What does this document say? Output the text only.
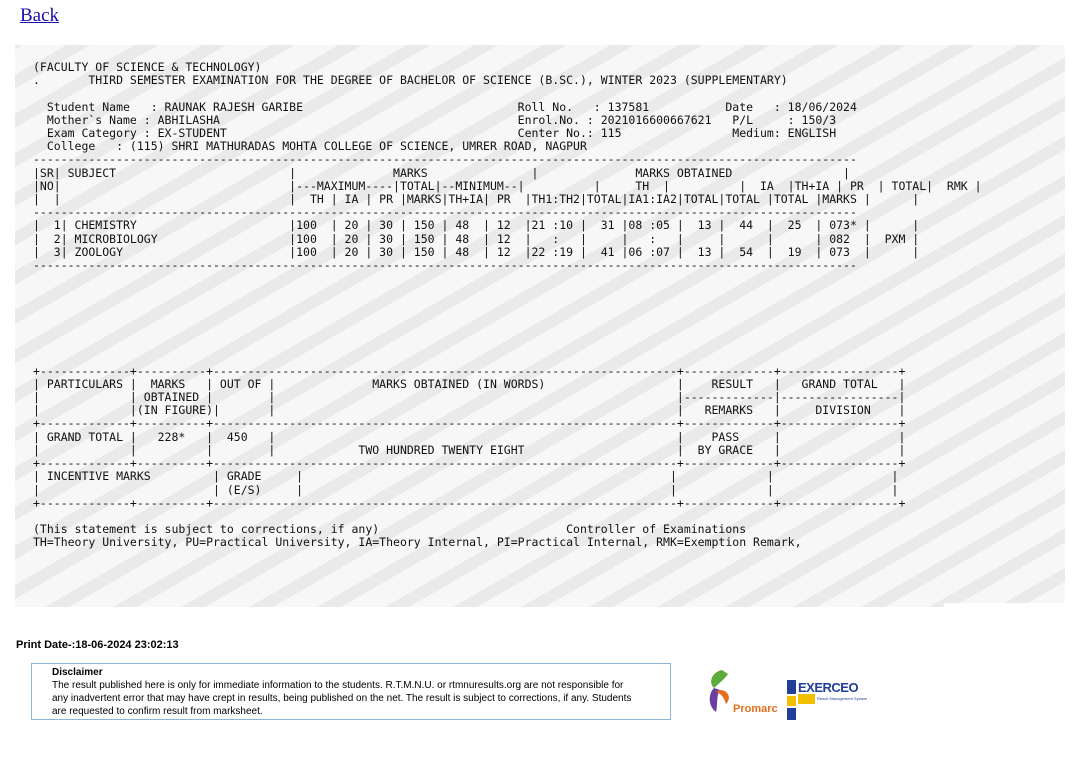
Back
(FACULTY OF SCIENCE & TECHNOLOGY)
.       THIRD SEMESTER EXAMINATION FOR THE DEGREE OF BACHELOR OF SCIENCE (B.SC.), WINTER 2023 (SUPPLEMENTARY)

Student Name   : RAUNAK RAJESH GARIBE                               Roll No.   : 137581           Date   : 18/06/2024
Mother`s Name : ABHILASHA                                           Enrol.No. : 2021016600667621   P/L     : 150/3
Exam Category : EX-STUDENT                                          Center No.: 115                Medium: ENGLISH
College   : (115) SHRI MATHURADAS MOHTA COLLEGE OF SCIENCE, UMRER ROAD, NAGPUR
-----------------------------------------------------------------------------------------------------------------------
|SR| SUBJECT                         |              MARKS               |              MARKS OBTAINED                |
|NO|                                 |---MAXIMUM----|TOTAL|--MINIMUM--|          |     TH  |          |  IA  |TH+IA | PR  | TOTAL|  RMK |
|  |                                 |  TH | IA | PR |MARKS|TH+IA| PR  |TH1:TH2|TOTAL|IA1:IA2|TOTAL|TOTAL |TOTAL |MARKS |      |
-----------------------------------------------------------------------------------------------------------------------
|  1| CHEMISTRY                      |100  | 20 | 30 | 150 | 48  | 12  |21 :10 |  31 |08 :05 |  13 |  44  |  25  | 073* |      |
|  2| MICROBIOLOGY                   |100  | 20 | 30 | 150 | 48  | 12  |   :   |     |   :   |     |      |      | 082  |  PXM |
|  3| ZOOLOGY                        |100  | 20 | 30 | 150 | 48  | 12  |22 :19 |  41 |06 :07 |  13 |  54  |  19  | 073  |      |
-----------------------------------------------------------------------------------------------------------------------

+-------------+----------+-------------------------------------------------------------------+-------------+-----------------+
| PARTICULARS |  MARKS   | OUT OF |              MARKS OBTAINED (IN WORDS)                   |    RESULT   |   GRAND TOTAL   |
|             | OBTAINED |        |                                                          |-------------|-----------------|
|             |(IN FIGURE)|       |                                                          |   REMARKS   |     DIVISION    |
+-------------+----------+-------------------------------------------------------------------+-------------+-----------------+
| GRAND TOTAL |   228*   |  450   |                                                          |    PASS     |                 |
|             |          |        |            TWO HUNDRED TWENTY EIGHT                      |  BY GRACE   |                 |
+-------------+----------+-------------------------------------------------------------------+-------------+-----------------+
| INCENTIVE MARKS         | GRADE     |                                                     |             |                 |
|                         | (E/S)     |                                                     |             |                 |
+-------------+----------+-------------------------------------------------------------------+-------------+-----------------+

(This statement is subject to corrections, if any)                           Controller of Examinations
TH=Theory University, PU=Practical University, IA=Theory Internal, PI=Practical Internal, RMK=Exemption Remark,

Print Date-:18-06-2024 23:02:13
Disclaimer
The result published here is only for immediate information to the students. R.T.M.N.U. or rtmnuresults.org are not responsible for any inadvertent error that may have crept in results, being published on the net. The result is subject to corrections, if any. Students are requested to confirm result from marksheet.	Promarc
EXERCEO
Result Management System
